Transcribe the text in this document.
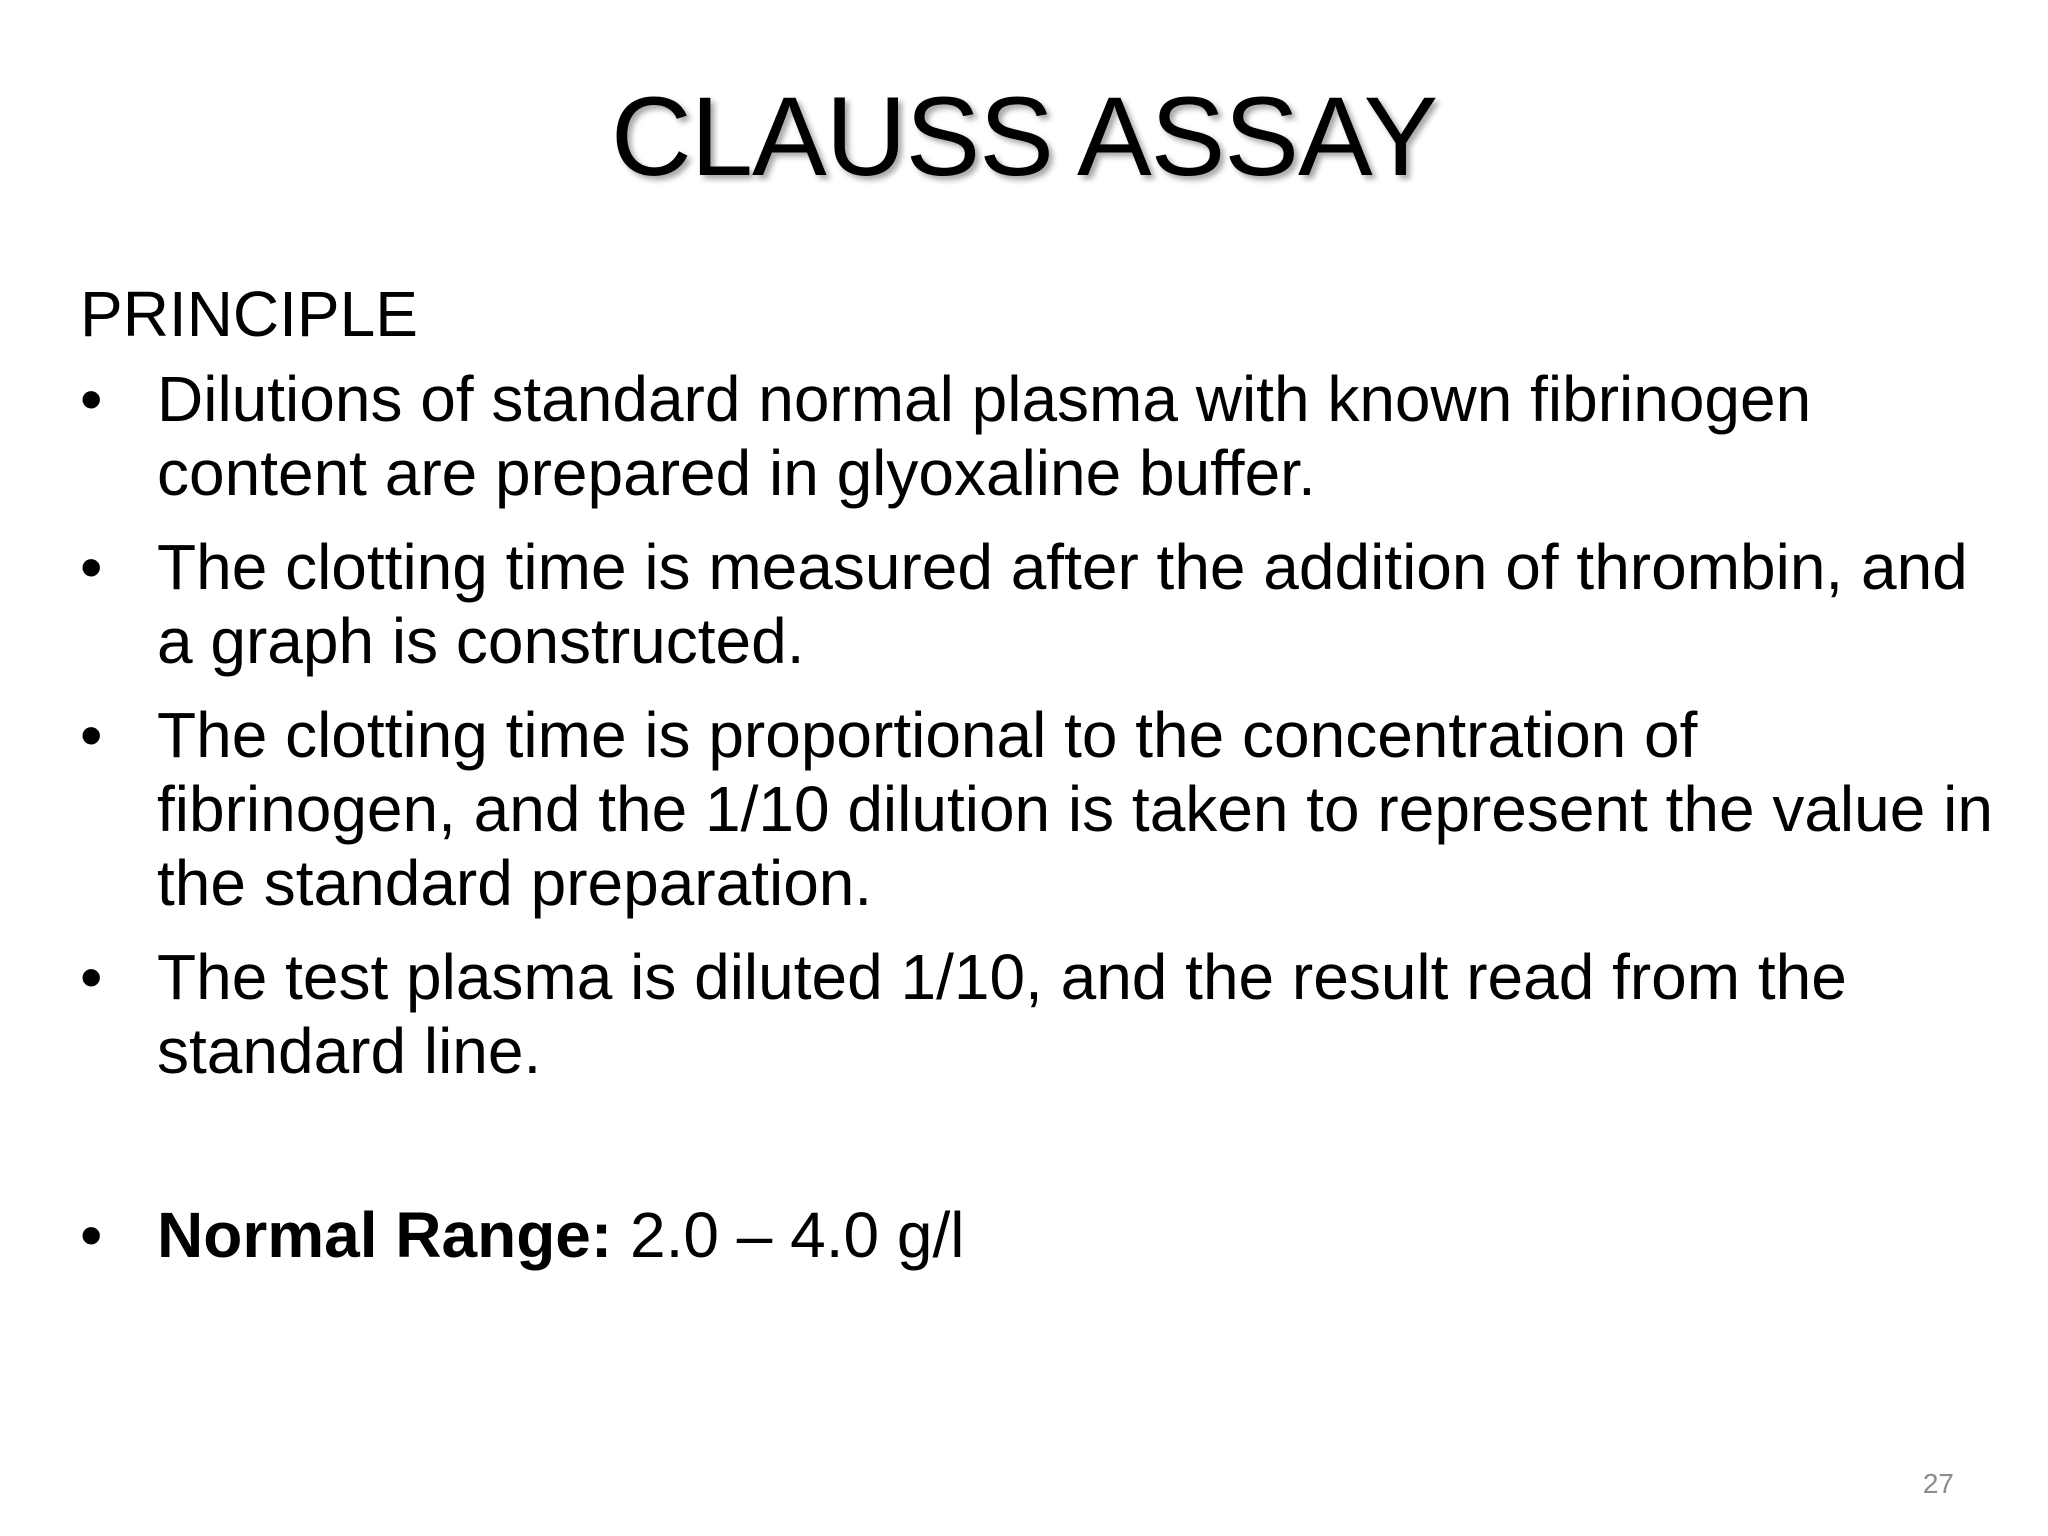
CLAUSS ASSAY
PRINCIPLE
• Dilutions of standard normal plasma with known fibrinogen content are prepared in glyoxaline buffer.
• The clotting time is measured after the addition of thrombin, and a graph is constructed.
• The clotting time is proportional to the concentration of fibrinogen, and the 1/10 dilution is taken to represent the value in the standard preparation.
• The test plasma is diluted 1/10, and the result read from the standard line.
• Normal Range: 2.0 – 4.0 g/l
27
